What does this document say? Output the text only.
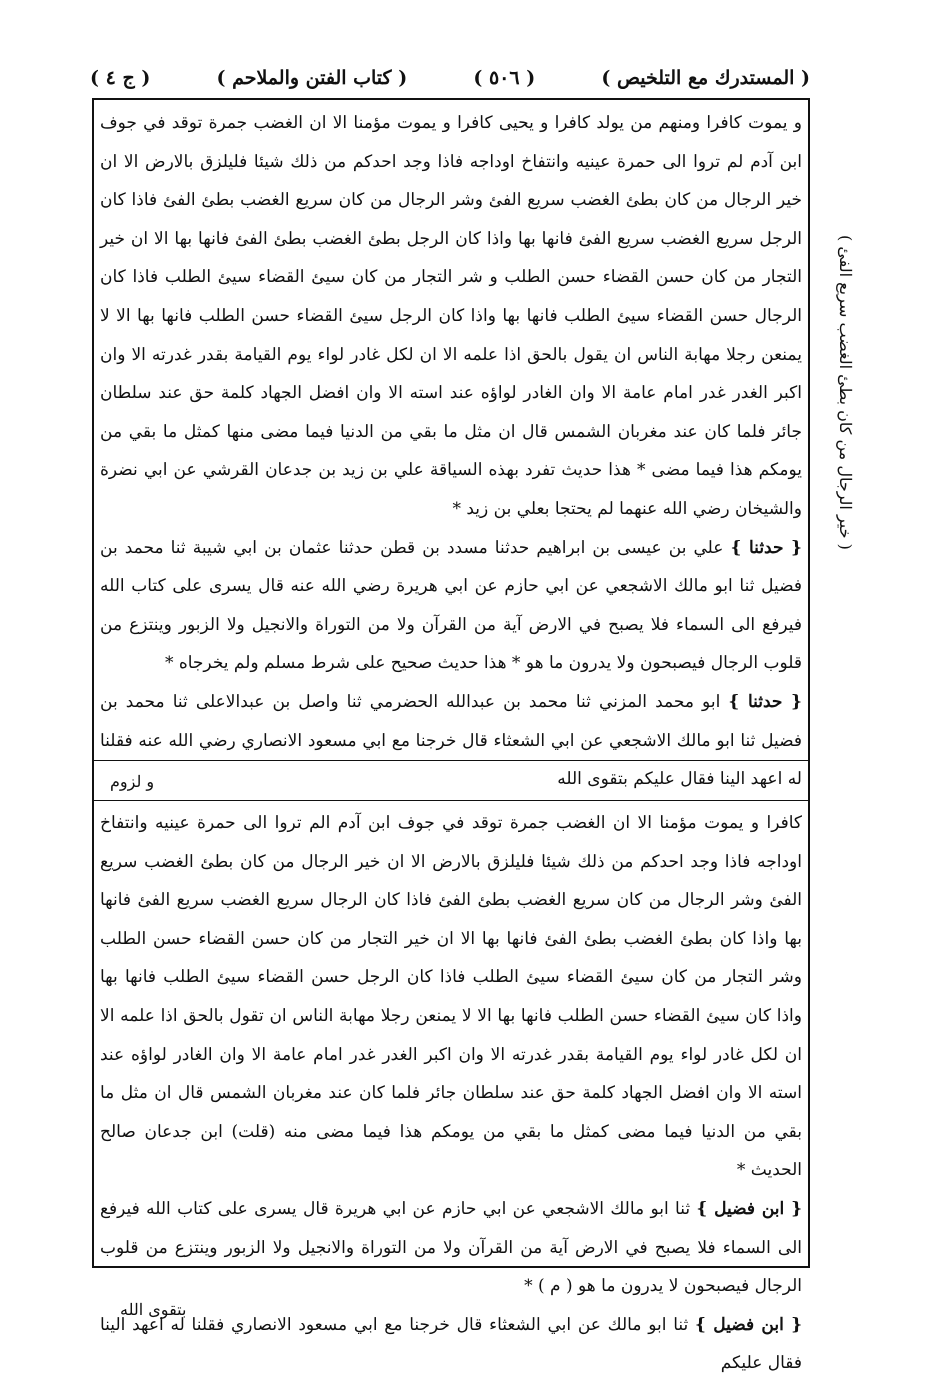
( المستدرك مع التلخيص )
( ٥٠٦ )
( كتاب الفتن والملاحم )
( ج ٤ )
( خير الرجال من كان بطئ الغضب سريع الفئ )

و يموت كافرا ومنهم من يولد كافرا و يحيى كافرا و يموت مؤمنا الا ان الغضب جمرة توقد في جوف ابن آدم لم تروا الى حمرة عينيه وانتفاخ اوداجه فاذا وجد احدكم من ذلك شيئا فليلزق بالارض الا ان خير الرجال من كان بطئ الغضب سريع الفئ وشر الرجال من كان سريع الغضب بطئ الفئ فاذا كان الرجل سريع الغضب سريع الفئ فانها بها واذا كان الرجل بطئ الغضب بطئ الفئ فانها بها الا ان خير التجار من كان حسن القضاء حسن الطلب و شر التجار من كان سيئ القضاء سيئ الطلب فاذا كان الرجال حسن القضاء سيئ الطلب فانها بها واذا كان الرجل سيئ القضاء حسن الطلب فانها بها الا لا يمنعن رجلا مهابة الناس ان يقول بالحق اذا علمه الا ان لكل غادر لواء يوم القيامة بقدر غدرته الا وان اكبر الغدر غدر امام عامة الا وان الغادر لواؤه عند استه الا وان افضل الجهاد كلمة حق عند سلطان جائر فلما كان عند مغربان الشمس قال ان مثل ما بقي من الدنيا فيما مضى منها كمثل ما بقي من يومكم هذا فيما مضى * هذا حديث تفرد بهذه السياقة علي بن زيد بن جدعان القرشي عن ابي نضرة والشيخان رضي الله عنهما لم يحتجا بعلي بن زيد *

{ حدثنا } علي بن عيسى بن ابراهيم حدثنا مسدد بن قطن حدثنا عثمان بن ابي شيبة ثنا محمد بن فضيل ثنا ابو مالك الاشجعي عن ابي حازم عن ابي هريرة رضي الله عنه قال يسرى على كتاب الله فيرفع الى السماء فلا يصبح في الارض آية من القرآن ولا من التوراة والانجيل ولا الزبور وينتزع من قلوب الرجال فيصبحون ولا يدرون ما هو * هذا حديث صحيح على شرط مسلم ولم يخرجاه *

{ حدثنا } ابو محمد المزني ثنا محمد بن عبدالله الحضرمي ثنا واصل بن عبدالاعلى ثنا محمد بن فضيل ثنا ابو مالك الاشجعي عن ابي الشعثاء قال خرجنا مع ابي مسعود الانصاري رضي الله عنه فقلنا له اعهد الينا فقال عليكم بتقوى الله

و لزوم

كافرا و يموت مؤمنا الا ان الغضب جمرة توقد في جوف ابن آدم الم تروا الى حمرة عينيه وانتفاخ اوداجه فاذا وجد احدكم من ذلك شيئا فليلزق بالارض الا ان خير الرجال من كان بطئ الغضب سريع الفئ وشر الرجال من كان سريع الغضب بطئ الفئ فاذا كان الرجال سريع الغضب سريع الفئ فانها بها واذا كان بطئ الغضب بطئ الفئ فانها بها الا ان خير التجار من كان حسن القضاء حسن الطلب وشر التجار من كان سيئ القضاء سيئ الطلب فاذا كان الرجل حسن القضاء سيئ الطلب فانها بها واذا كان سيئ القضاء حسن الطلب فانها بها الا لا يمنعن رجلا مهابة الناس ان تقول بالحق اذا علمه الا ان لكل غادر لواء يوم القيامة بقدر غدرته الا وان اكبر الغدر غدر امام عامة الا وان الغادر لواؤه عند استه الا وان افضل الجهاد كلمة حق عند سلطان جائر فلما كان عند مغربان الشمس قال ان مثل ما بقي من الدنيا فيما مضى كمثل ما بقي من يومكم هذا فيما مضى منه (قلت) ابن جدعان صالح الحديث *

{ ابن فضيل } ثنا ابو مالك الاشجعي عن ابي حازم عن ابي هريرة قال يسرى على كتاب الله فيرفع الى السماء فلا يصبح في الارض آية من القرآن ولا من التوراة والانجيل ولا الزبور وينتزع من قلوب الرجال فيصبحون لا يدرون ما هو ( م ) *

{ ابن فضيل } ثنا ابو مالك عن ابي الشعثاء قال خرجنا مع ابي مسعود الانصاري فقلنا له اعهد الينا فقال عليكم

بتقوى الله
